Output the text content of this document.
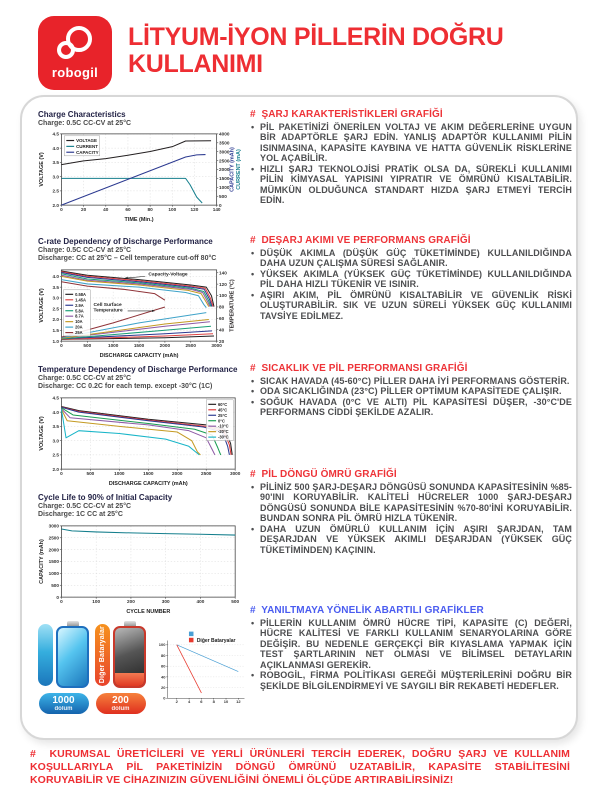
robogil
LİTYUM-İYON PİLLERİN DOĞRU KULLANIMI
Charge Characteristics
Charge: 0.5C CC-CV at 25°C
0	20	40	60	80	100	120	140
2.0
2.5
3.0
3.5
4.0
4.5
0
500
1000
1500
2000
2500
3000
3500
4000
TIME (Min.)
VOLTAGE (V)	CAPACITY (mAh) CURRENT (mA)
VOLTAGE
CURRENT
CAPACITY
C-rate Dependency of Discharge Performance
Charge: 0.5C CC-CV at 25°C
Discharge: CC at 25°C – Cell temperature cut-off 80°C
0	500	1000	1500	2000	2500	3000
1.0
1.5
2.0
2.5
3.0
3.5
4.0
20
40
60
80
100
120
140
DISCHARGE CAPACITY (mAh)
VOLTAGE (V)	TEMPERATURE (°C)
0.58A
1.45A
2.9A
5.8A
8.7A
10A
20A
25A
Capacity-Voltage
Cell Surface Temperature
Temperature Dependency of Discharge Performance
Charge: 0.5C CC-CV at 25°C
Discharge: CC 0.2C for each temp. except -30°C (1C)
0	500	1000	1500	2000	2500	3000
2.0
2.5
3.0
3.5
4.0
4.5
DISCHARGE CAPACITY (mAh)
VOLTAGE (V)
60°C
45°C
25°C
0°C
-10°C
-20°C
-30°C
Cycle Life to 90% of Initial Capacity
Charge: 0.5C CC-CV at 25°C
Discharge: 1C CC at 25°C
0	100	200	300	400	500
0
500
1000
1500
2000
2500
3000
CYCLE NUMBER
CAPACITY (mAh)
1000
dolum
Diğer Bataryalar
200
dolum
2 4 6 8 10 12
0
20
40
60
80
100
Diğer Bataryalar
# ŞARJ KARAKTERİSTİKLERİ GRAFİĞİ
• PİL PAKETİNİZİ ÖNERİLEN VOLTAJ VE AKIM DEĞERLERİNE UYGUN BİR ADAPTÖRLE ŞARJ EDİN. YANLIŞ ADAPTÖR KULLANIMI PİLİN ISINMASINA, KAPASİTE KAYBINA VE HATTA GÜVENLİK RİSKLERİNE YOL AÇABİLİR.
• HIZLI ŞARJ TEKNOLOJİSİ PRATİK OLSA DA, SÜREKLİ KULLANIMI PİLİN KİMYASAL YAPISINI YIPRATIR VE ÖMRÜNÜ KISALTABİLİR. MÜMKÜN OLDUĞUNCA STANDART HIZDA ŞARJ ETMEYİ TERCİH EDİN.
# DEŞARJ AKIMI VE PERFORMANS GRAFİĞİ
• DÜŞÜK AKIMLA (DÜŞÜK GÜÇ TÜKETİMİNDE) KULLANILDIĞINDA DAHA UZUN ÇALIŞMA SÜRESİ SAĞLANIR.
• YÜKSEK AKIMLA (YÜKSEK GÜÇ TÜKETİMİNDE) KULLANILDIĞINDA PİL DAHA HIZLI TÜKENİR VE ISINIR.
• AŞIRI AKIM, PİL ÖMRÜNÜ KISALTABİLİR VE GÜVENLİK RİSKİ OLUŞTURABİLİR. SIK VE UZUN SÜRELİ YÜKSEK GÜÇ KULLANIMI TAVSİYE EDİLMEZ.
# SICAKLIK VE PİL PERFORMANSI GRAFİĞİ
• SICAK HAVADA (45-60°C) PİLLER DAHA İYİ PERFORMANS GÖSTERİR.
• ODA SICAKLIĞINDA (23°C) PİLLER OPTİMUM KAPASİTEDE ÇALIŞIR.
• SOĞUK HAVADA (0°C VE ALTI) PİL KAPASİTESİ DÜŞER, -30°C'DE PERFORMANS CİDDİ ŞEKİLDE AZALIR.
# PİL DÖNGÜ ÖMRÜ GRAFİĞİ
• PİLİNİZ 500 ŞARJ-DEŞARJ DÖNGÜSÜ SONUNDA KAPASİTESİNİN %85-90'INI KORUYABİLİR. KALİTELİ HÜCRELER 1000 ŞARJ-DEŞARJ DÖNGÜSÜ SONUNDA BİLE KAPASİTESİNİN %70-80'İNİ KORUYABİLİR. BUNDAN SONRA PİL ÖMRÜ HIZLA TÜKENİR.
• DAHA UZUN ÖMÜRLÜ KULLANIM İÇİN AŞIRI ŞARJDAN, TAM DEŞARJDAN VE YÜKSEK AKIMLI DEŞARJDAN (YÜKSEK GÜÇ TÜKETİMİNDEN) KAÇININ.
# YANILTMAYA YÖNELİK ABARTILI GRAFİKLER
• PİLLERİN KULLANIM ÖMRÜ HÜCRE TİPİ, KAPASİTE (C) DEĞERİ, HÜCRE KALİTESİ VE FARKLI KULLANIM SENARYOLARINA GÖRE DEĞİŞİR. BU NEDENLE GERÇEKÇİ BİR KIYASLAMA YAPMAK İÇİN TEST ŞARTLARININ NET OLMASI VE BİLİMSEL DETAYLARIN AÇIKLANMASI GEREKİR.
• ROBOGİL, FİRMA POLİTİKASI GEREĞİ MÜŞTERİLERİNİ DOĞRU BİR ŞEKİLDE BİLGİLENDİRMEYİ VE SAYGILI BİR REKABETİ HEDEFLER.
# KURUMSAL ÜRETİCİLERİ VE YERLİ ÜRÜNLERİ TERCİH EDEREK, DOĞRU ŞARJ VE KULLANIM KOŞULLARIYLA PİL PAKETİNİZİN DÖNGÜ ÖMRÜNÜ UZATABİLİR, KAPASİTE STABİLİTESİNİ KORUYABİLİR VE CİHAZINIZIN GÜVENLİĞİNİ ÖNEMLİ ÖLÇÜDE ARTIRABİLİRSİNİZ!
